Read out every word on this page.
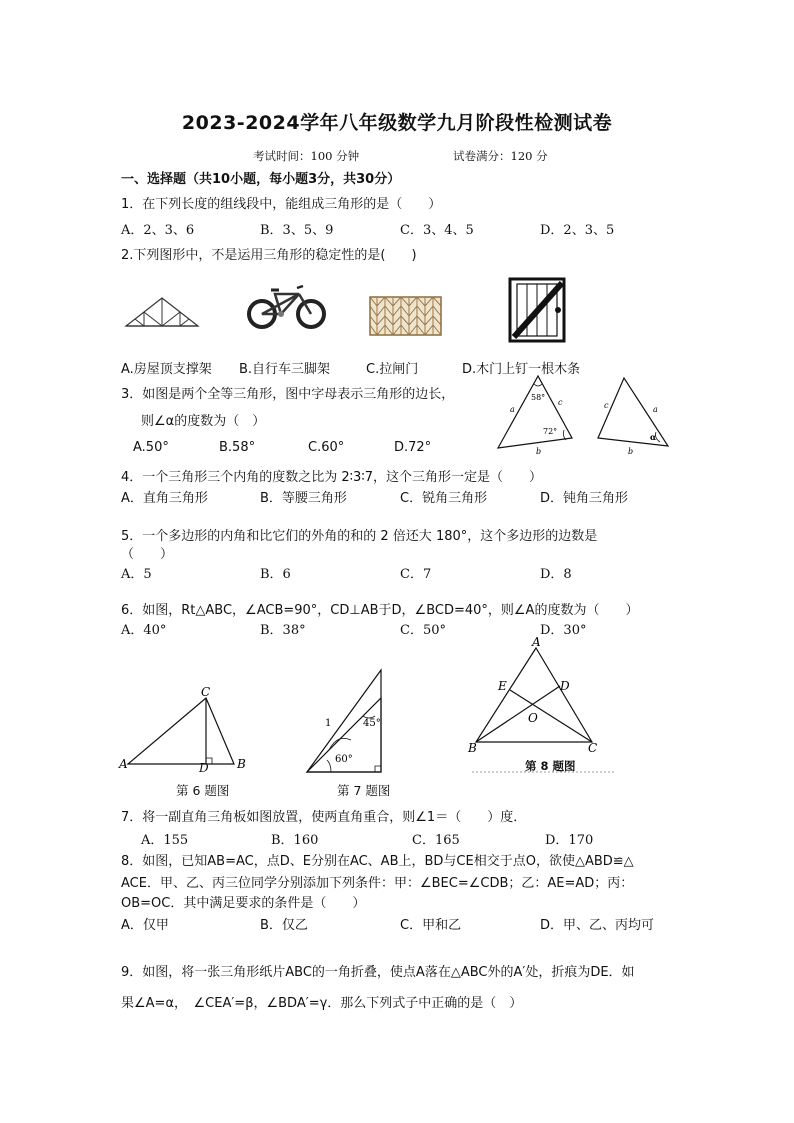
2023-2024学年八年级数学九月阶段性检测试卷
考试时间：100 分钟	试卷满分：120 分
一、选择题（共10小题，每小题3分，共30分）
1．在下列长度的组线段中，能组成三角形的是（　　）
A．2、3、6	B．3、5、9	C．3、4、5	D．2、3、5
2.下列图形中，不是运用三角形的稳定性的是(　　)
A.房屋顶支撑架 B.自行车三脚架	C.拉闸门	D.木门上钉一根木条
3．如图是两个全等三角形，图中字母表示三角形的边长，
则∠α的度数为（　）
A.50°	B.58°	C.60°	D.72°
58°
72°
a
c
b
c	a
b
α
4．一个三角形三个内角的度数之比为 2∶3∶7，这个三角形一定是（　　）
A．直角三角形	B．等腰三角形	C．锐角三角形	D．钝角三角形
5．一个多边形的内角和比它们的外角的和的 2 倍还大 180°，这个多边形的边数是
（　　）
A．5	B．6	C．7	D．8
6．如图，Rt△ABC，∠ACB=90°，CD⊥AB于D，∠BCD=40°，则∠A的度数为（　　）
A．40°	B．38°	C．50°	D．30°
C
A	B
D
第 6 题图
1	45°
60°
第 7 题图
A
E	D
O
B	C
第 8 题图
7．将一副直角三角板如图放置，使两直角重合，则∠1＝（　　）度．
A．155	B．160	C．165	D．170
8．如图，已知AB=AC，点D、E分别在AC、AB上，BD与CE相交于点O，欲使△ABD≌△
ACE．甲、乙、丙三位同学分别添加下列条件：甲：∠BEC=∠CDB；乙：AE=AD；丙：
OB=OC．其中满足要求的条件是（　　）
A．仅甲	B．仅乙	C．甲和乙	D．甲、乙、丙均可
9．如图，将一张三角形纸片ABC的一角折叠，使点A落在△ABC外的A′处，折痕为DE．如
果∠A=α，　∠CEA′=β，∠BDA′=γ．那么下列式子中正确的是（　）
